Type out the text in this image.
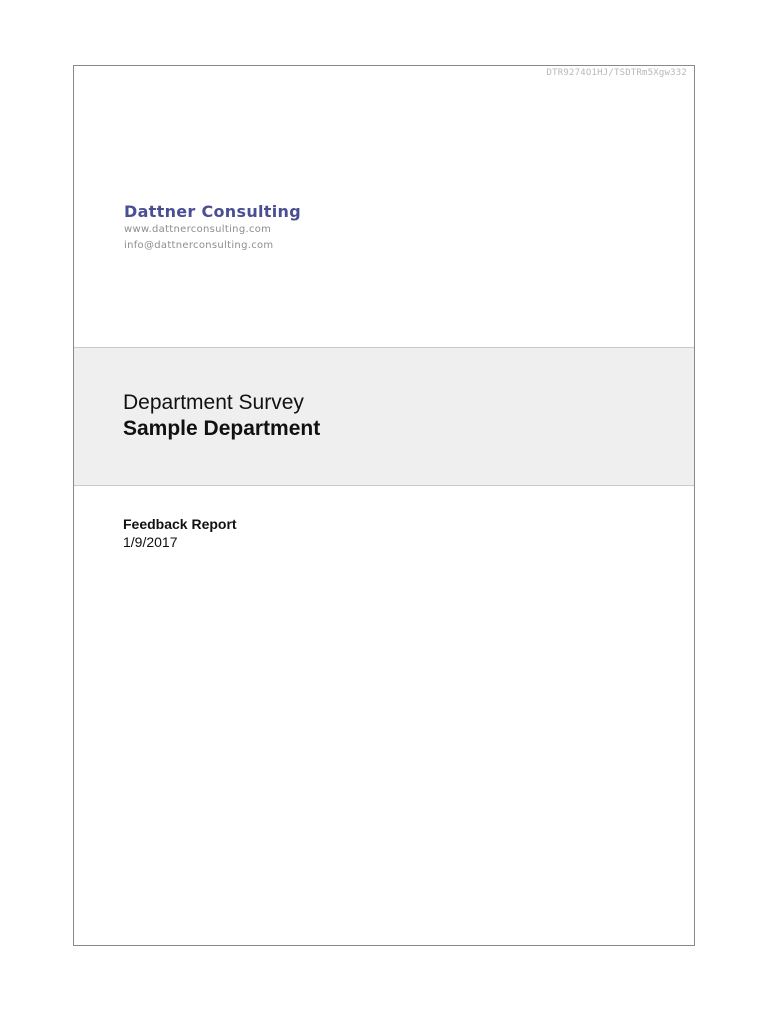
DTR9274O1HJ/TSDTRm5Xgw332
Dattner Consulting
www.dattnerconsulting.com
info@dattnerconsulting.com
Department Survey
Sample Department
Feedback Report
1/9/2017
